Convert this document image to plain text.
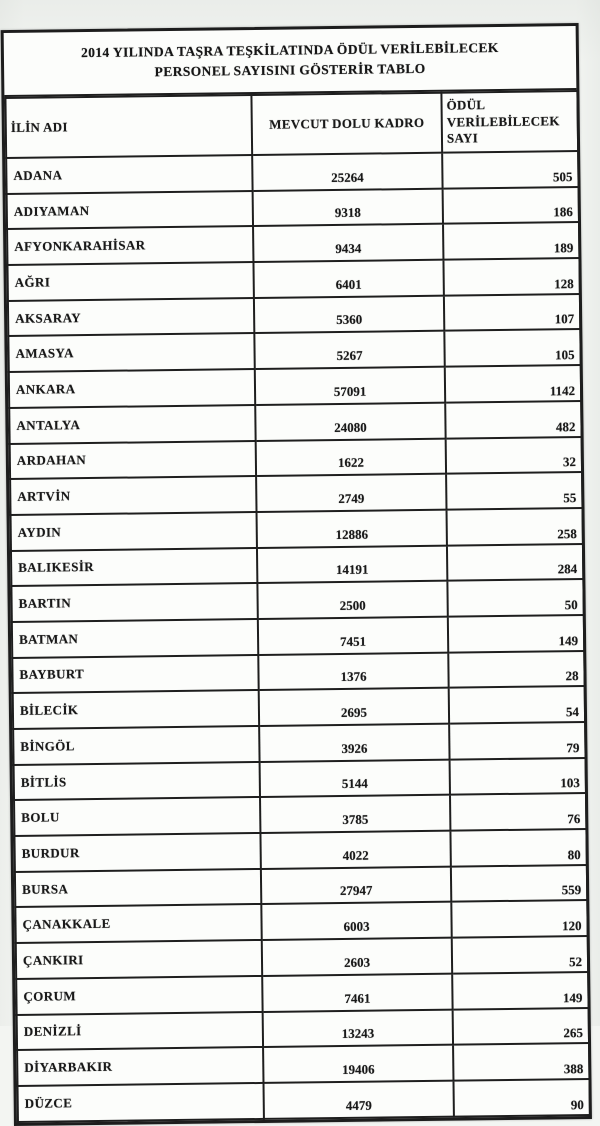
2014 YILINDA TAŞRA TEŞKİLATINDA ÖDÜL VERİLEBİLECEK
PERSONEL SAYISINI GÖSTERİR TABLO
İLİN ADI	MEVCUT DOLU KADRO	ÖDÜL VERİLEBİLECEK SAYI
ADANA	25264	505
ADIYAMAN	9318	186
AFYONKARAHİSAR	9434	189
AĞRI	6401	128
AKSARAY	5360	107
AMASYA	5267	105
ANKARA	57091	1142
ANTALYA	24080	482
ARDAHAN	1622	32
ARTVİN	2749	55
AYDIN	12886	258
BALIKESİR	14191	284
BARTIN	2500	50
BATMAN	7451	149
BAYBURT	1376	28
BİLECİK	2695	54
BİNGÖL	3926	79
BİTLİS	5144	103
BOLU	3785	76
BURDUR	4022	80
BURSA	27947	559
ÇANAKKALE	6003	120
ÇANKIRI	2603	52
ÇORUM	7461	149
DENİZLİ	13243	265
DİYARBAKIR	19406	388
DÜZCE	4479	90
